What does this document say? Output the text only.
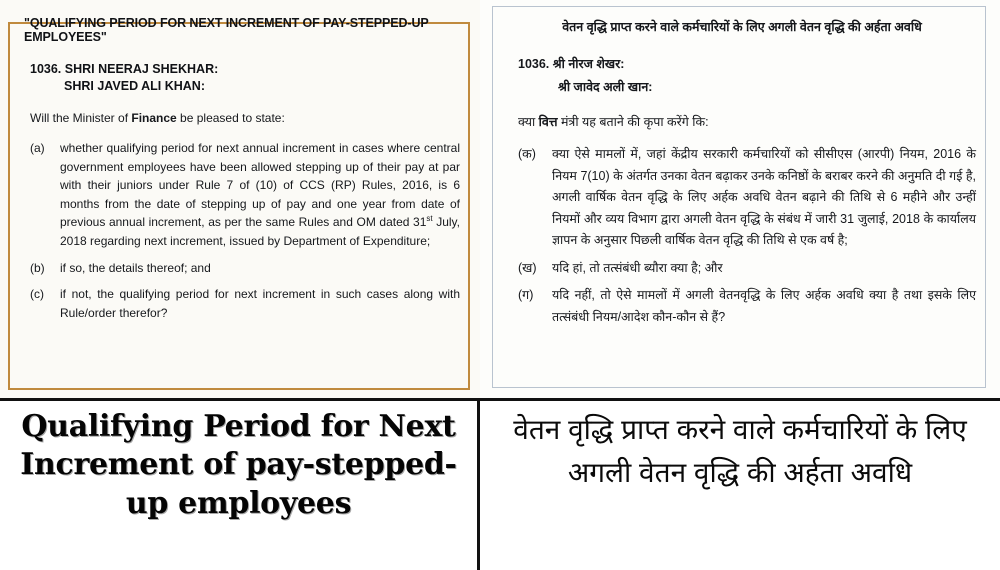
"QUALIFYING PERIOD FOR NEXT INCREMENT OF PAY-STEPPED-UP EMPLOYEES"
1036. SHRI NEERAJ SHEKHAR:
SHRI JAVED ALI KHAN:
Will the Minister of Finance be pleased to state:
(a)	whether qualifying period for next annual increment in cases where central government employees have been allowed stepping up of their pay at par with their juniors under Rule 7 of (10) of CCS (RP) Rules, 2016, is 6 months from the date of stepping up of pay and one year from date of previous annual increment, as per the same Rules and OM dated 31st July, 2018 regarding next increment, issued by Department of Expenditure;
(b)	if so, the details thereof; and
(c)	if not, the qualifying period for next increment in such cases along with Rule/order therefor?
वेतन वृद्धि प्राप्त करने वाले कर्मचारियों के लिए अगली वेतन वृद्धि की अर्हता अवधि
1036. श्री नीरज शेखर:
श्री जावेद अली खान:
क्या वित्त मंत्री यह बताने की कृपा करेंगे कि:
(क)	क्या ऐसे मामलों में, जहां केंद्रीय सरकारी कर्मचारियों को सीसीएस (आरपी) नियम, 2016 के नियम 7(10) के अंतर्गत उनका वेतन बढ़ाकर उनके कनिष्ठों के बराबर करने की अनुमति दी गई है, अगली वार्षिक वेतन वृद्धि के लिए अर्हक अवधि वेतन बढ़ाने की तिथि से 6 महीने और उन्हीं नियमों और व्यय विभाग द्वारा अगली वेतन वृद्धि के संबंध में जारी 31 जुलाई, 2018 के कार्यालय ज्ञापन के अनुसार पिछली वार्षिक वेतन वृद्धि की तिथि से एक वर्ष है;
(ख)	यदि हां, तो तत्संबंधी ब्यौरा क्या है; और
(ग)	यदि नहीं, तो ऐसे मामलों में अगली वेतनवृद्धि के लिए अर्हक अवधि क्या है तथा इसके लिए तत्संबंधी नियम/आदेश कौन-कौन से हैं?
Qualifying Period for Next Increment of pay-stepped-up employees
वेतन वृद्धि प्राप्त करने वाले कर्मचारियों के लिए अगली वेतन वृद्धि की अर्हता अवधि
